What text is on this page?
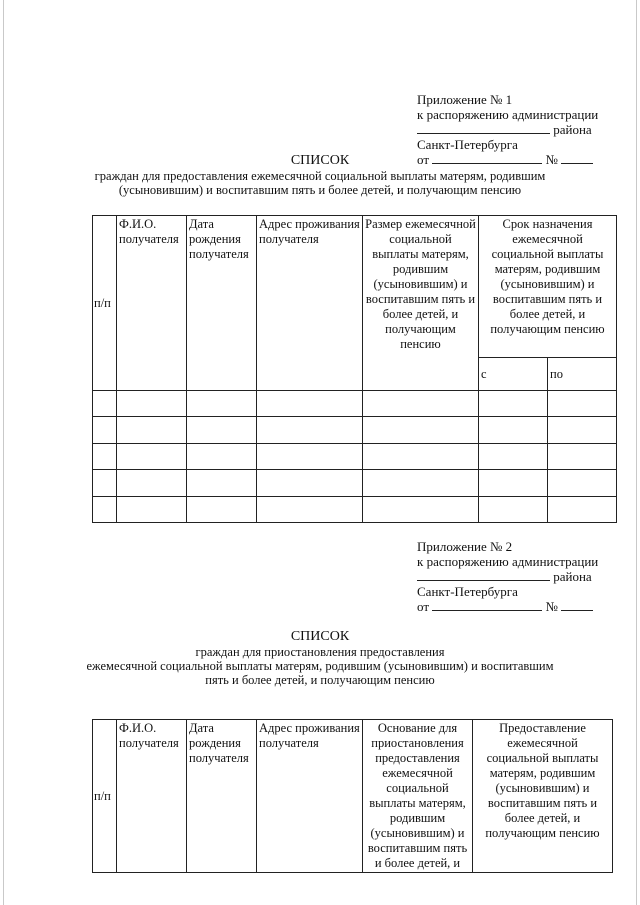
Приложение № 1
к распоряжению администрации
района
Санкт-Петербурга
от	№
СПИСОК
граждан для предоставления ежемесячной социальной выплаты матерям, родившим
(усыновившим) и воспитавшим пять и более детей, и получающим пенсию
п/п	Ф.И.О. получателя	Дата рождения получателя	Адрес проживания получателя	Размер ежемесячной социальной выплаты матерям, родившим (усыновившим) и воспитавшим пять и более детей, и получающим пенсию	Срок назначения ежемесячной социальной выплаты матерям, родившим (усыновившим) и воспитавшим пять и более детей, и получающим пенсию	
					с	по

Приложение № 2
к распоряжению администрации
района
Санкт-Петербурга
от	№
СПИСОК
граждан для приостановления предоставления
ежемесячной социальной выплаты матерям, родившим (усыновившим) и воспитавшим
пять и более детей, и получающим пенсию
п/п	Ф.И.О. получателя	Дата рождения получателя	Адрес проживания получателя	Основание для приостановления предоставления ежемесячной социальной выплаты матерям, родившим (усыновившим) и воспитавшим пять и более детей, и	Предоставление ежемесячной социальной выплаты матерям, родившим (усыновившим) и воспитавшим пять и более детей, и получающим пенсию
